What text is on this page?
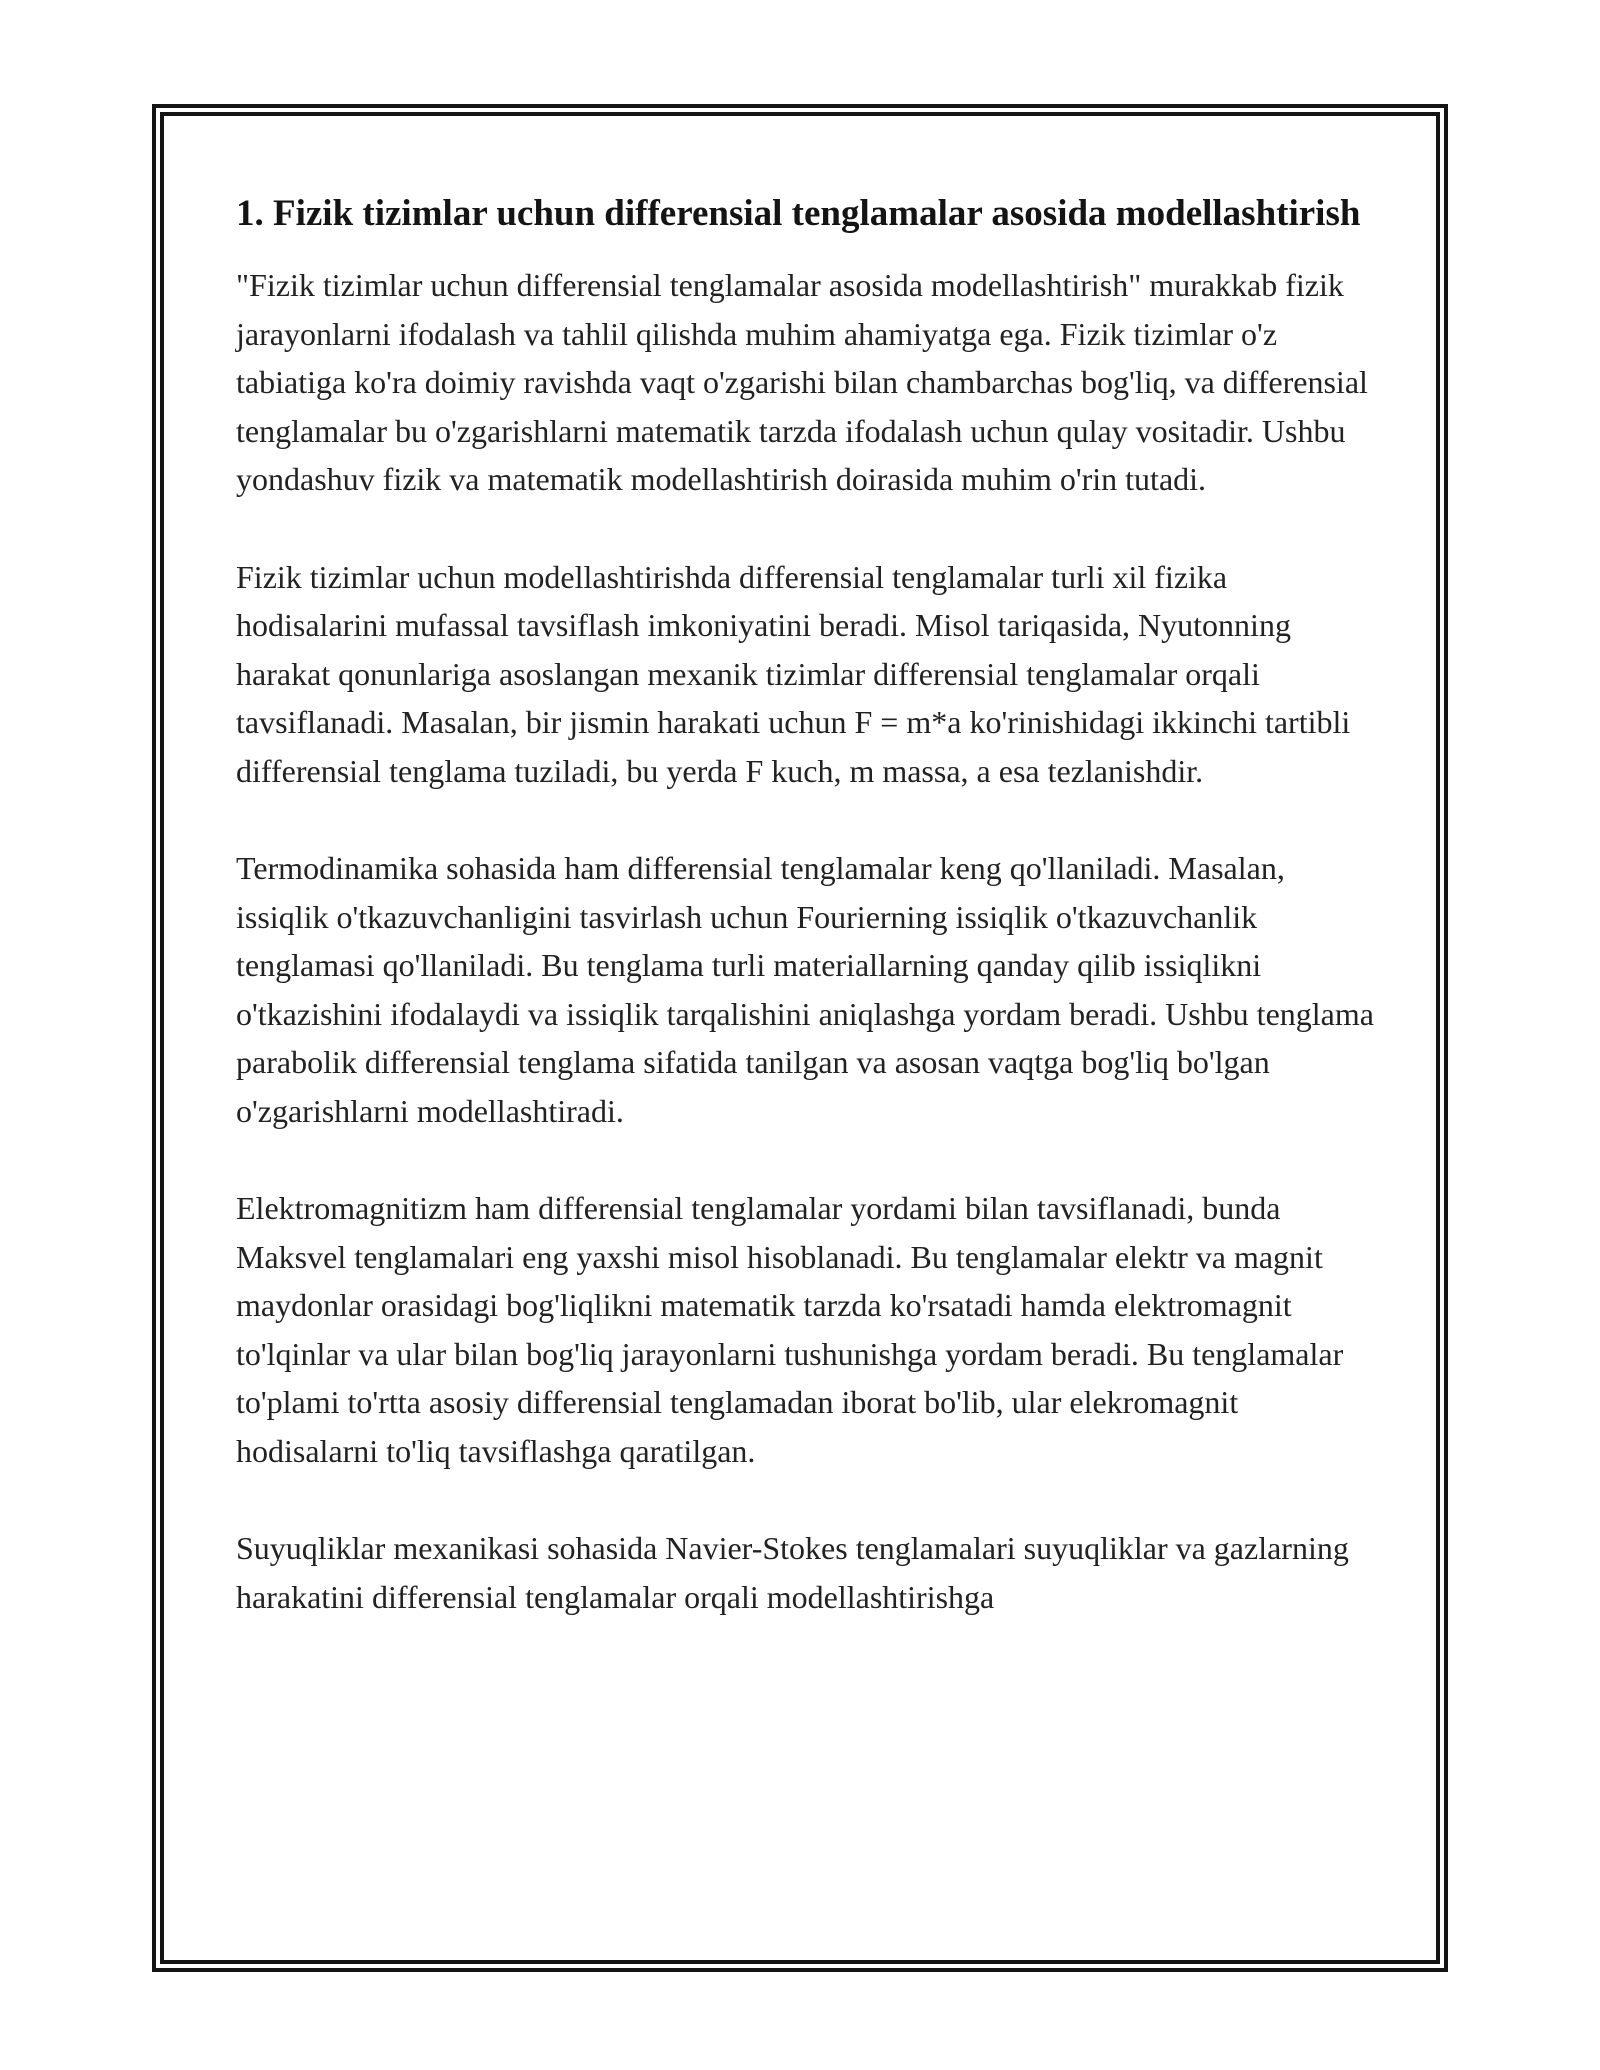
1. Fizik tizimlar uchun differensial tenglamalar asosida modellashtirish

"Fizik tizimlar uchun differensial tenglamalar asosida modellashtirish" murakkab fizik jarayonlarni ifodalash va tahlil qilishda muhim ahamiyatga ega. Fizik tizimlar o'z tabiatiga ko'ra doimiy ravishda vaqt o'zgarishi bilan chambarchas bog'liq, va differensial tenglamalar bu o'zgarishlarni matematik tarzda ifodalash uchun qulay vositadir. Ushbu yondashuv fizik va matematik modellashtirish doirasida muhim o'rin tutadi.

Fizik tizimlar uchun modellashtirishda differensial tenglamalar turli xil fizika hodisalarini mufassal tavsiflash imkoniyatini beradi. Misol tariqasida, Nyutonning harakat qonunlariga asoslangan mexanik tizimlar differensial tenglamalar orqali tavsiflanadi. Masalan, bir jismin harakati uchun F = m*a ko'rinishidagi ikkinchi tartibli differensial tenglama tuziladi, bu yerda F kuch, m massa, a esa tezlanishdir.

Termodinamika sohasida ham differensial tenglamalar keng qo'llaniladi. Masalan, issiqlik o'tkazuvchanligini tasvirlash uchun Fourierning issiqlik o'tkazuvchanlik tenglamasi qo'llaniladi. Bu tenglama turli materiallarning qanday qilib issiqlikni o'tkazishini ifodalaydi va issiqlik tarqalishini aniqlashga yordam beradi. Ushbu tenglama parabolik differensial tenglama sifatida tanilgan va asosan vaqtga bog'liq bo'lgan o'zgarishlarni modellashtiradi.

Elektromagnitizm ham differensial tenglamalar yordami bilan tavsiflanadi, bunda Maksvel tenglamalari eng yaxshi misol hisoblanadi. Bu tenglamalar elektr va magnit maydonlar orasidagi bog'liqlikni matematik tarzda ko'rsatadi hamda elektromagnit to'lqinlar va ular bilan bog'liq jarayonlarni tushunishga yordam beradi. Bu tenglamalar to'plami to'rtta asosiy differensial tenglamadan iborat bo'lib, ular elekromagnit hodisalarni to'liq tavsiflashga qaratilgan.

Suyuqliklar mexanikasi sohasida Navier-Stokes tenglamalari suyuqliklar va gazlarning harakatini differensial tenglamalar orqali modellashtirishga
